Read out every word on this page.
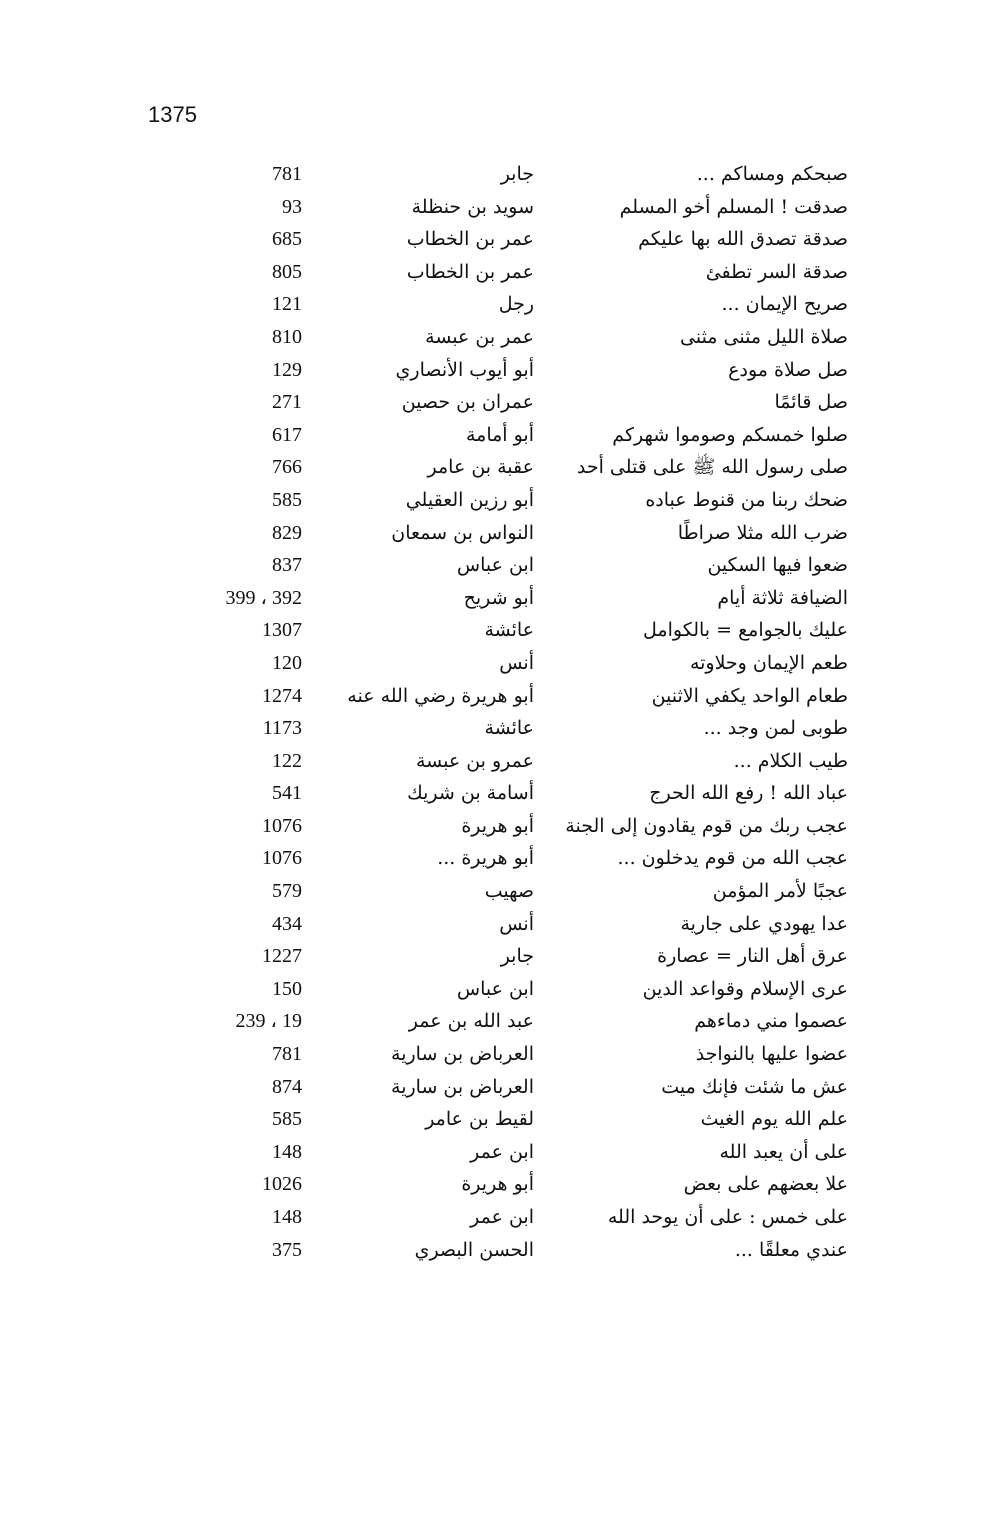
1375
صبحكم ومساكم ...
جابر
781
صدقت ! المسلم أخو المسلم
سويد بن حنظلة
93
صدقة تصدق الله بها عليكم
عمر بن الخطاب
685
صدقة السر تطفئ
عمر بن الخطاب
805
صريح الإيمان ...
رجل
121
صلاة الليل مثنى مثنى
عمر بن عبسة
810
صل صلاة مودع
أبو أيوب الأنصاري
129
صل قائمًا
عمران بن حصين
271
صلوا خمسكم وصوموا شهركم
أبو أمامة
617
صلى رسول الله ﷺ على قتلى أحد
عقبة بن عامر
766
ضحك ربنا من قنوط عباده
أبو رزين العقيلي
585
ضرب الله مثلا صراطًا
النواس بن سمعان
829
ضعوا فيها السكين
ابن عباس
837
الضيافة ثلاثة أيام
أبو شريح
392 ، 399
عليك بالجوامع = بالكوامل
عائشة
1307
طعم الإيمان وحلاوته
أنس
120
طعام الواحد يكفي الاثنين
أبو هريرة رضي الله عنه
1274
طوبى لمن وجد ...
عائشة
1173
طيب الكلام ...
عمرو بن عبسة
122
عباد الله ! رفع الله الحرج
أسامة بن شريك
541
عجب ربك من قوم يقادون إلى الجنة
أبو هريرة
1076
عجب الله من قوم يدخلون ...
أبو هريرة ...
1076
عجبًا لأمر المؤمن
صهيب
579
عدا يهودي على جارية
أنس
434
عرق أهل النار = عصارة
جابر
1227
عرى الإسلام وقواعد الدين
ابن عباس
150
عصموا مني دماءهم
عبد الله بن عمر
19 ، 239
عضوا عليها بالنواجذ
العرباض بن سارية
781
عش ما شئت فإنك ميت
العرباض بن سارية
874
علم الله يوم الغيث
لقيط بن عامر
585
على أن يعبد الله
ابن عمر
148
علا بعضهم على بعض
أبو هريرة
1026
على خمس : على أن يوحد الله
ابن عمر
148
عندي معلقًا ...
الحسن البصري
375
